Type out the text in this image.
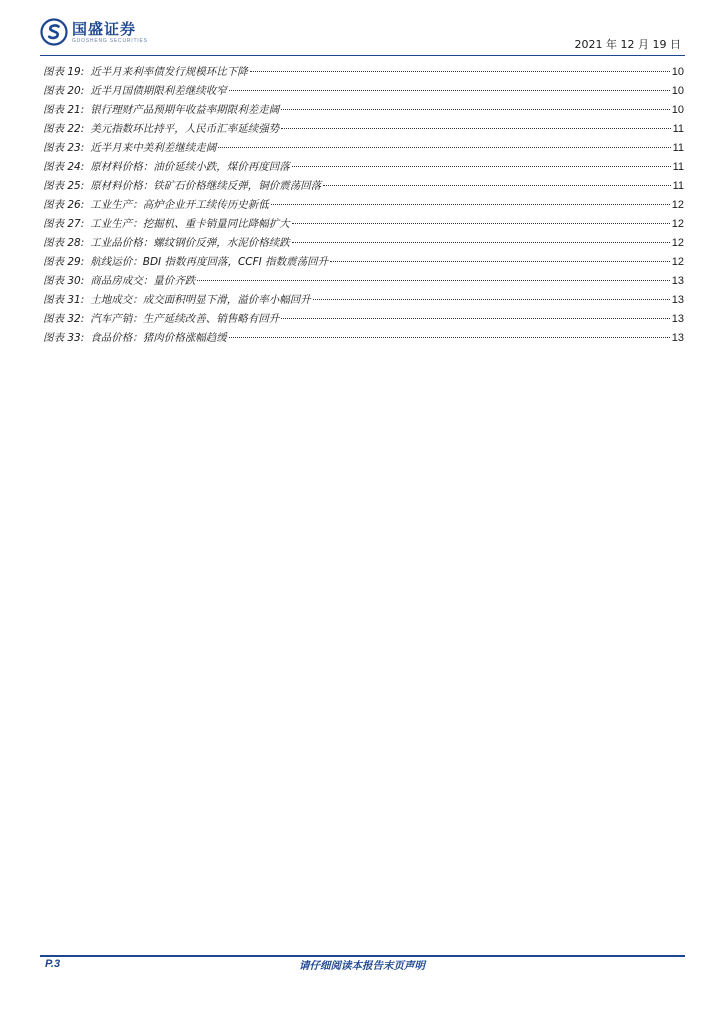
国盛证券
GUOSHENG SECURITIES	2021 年 12 月 19 日
图表 19: 近半月来利率债发行规模环比下降	10
图表 20: 近半月国债期限利差继续收窄	10
图表 21: 银行理财产品预期年收益率期限利差走阔	10
图表 22: 美元指数环比持平，人民币汇率延续强势	11
图表 23: 近半月来中美利差继续走阔	11
图表 24: 原材料价格：油价延续小跌，煤价再度回落	11
图表 25: 原材料价格：铁矿石价格继续反弹，铜价震荡回落	11
图表 26: 工业生产：高炉企业开工续传历史新低	12
图表 27: 工业生产：挖掘机、重卡销量同比降幅扩大	12
图表 28: 工业品价格：螺纹钢价反弹，水泥价格续跌	12
图表 29: 航线运价：BDI 指数再度回落，CCFI 指数震荡回升	12
图表 30: 商品房成交：量价齐跌	13
图表 31: 土地成交：成交面积明显下滑，溢价率小幅回升	13
图表 32: 汽车产销：生产延续改善、销售略有回升	13
图表 33: 食品价格：猪肉价格涨幅趋缓	13
P.3	请仔细阅读本报告末页声明
